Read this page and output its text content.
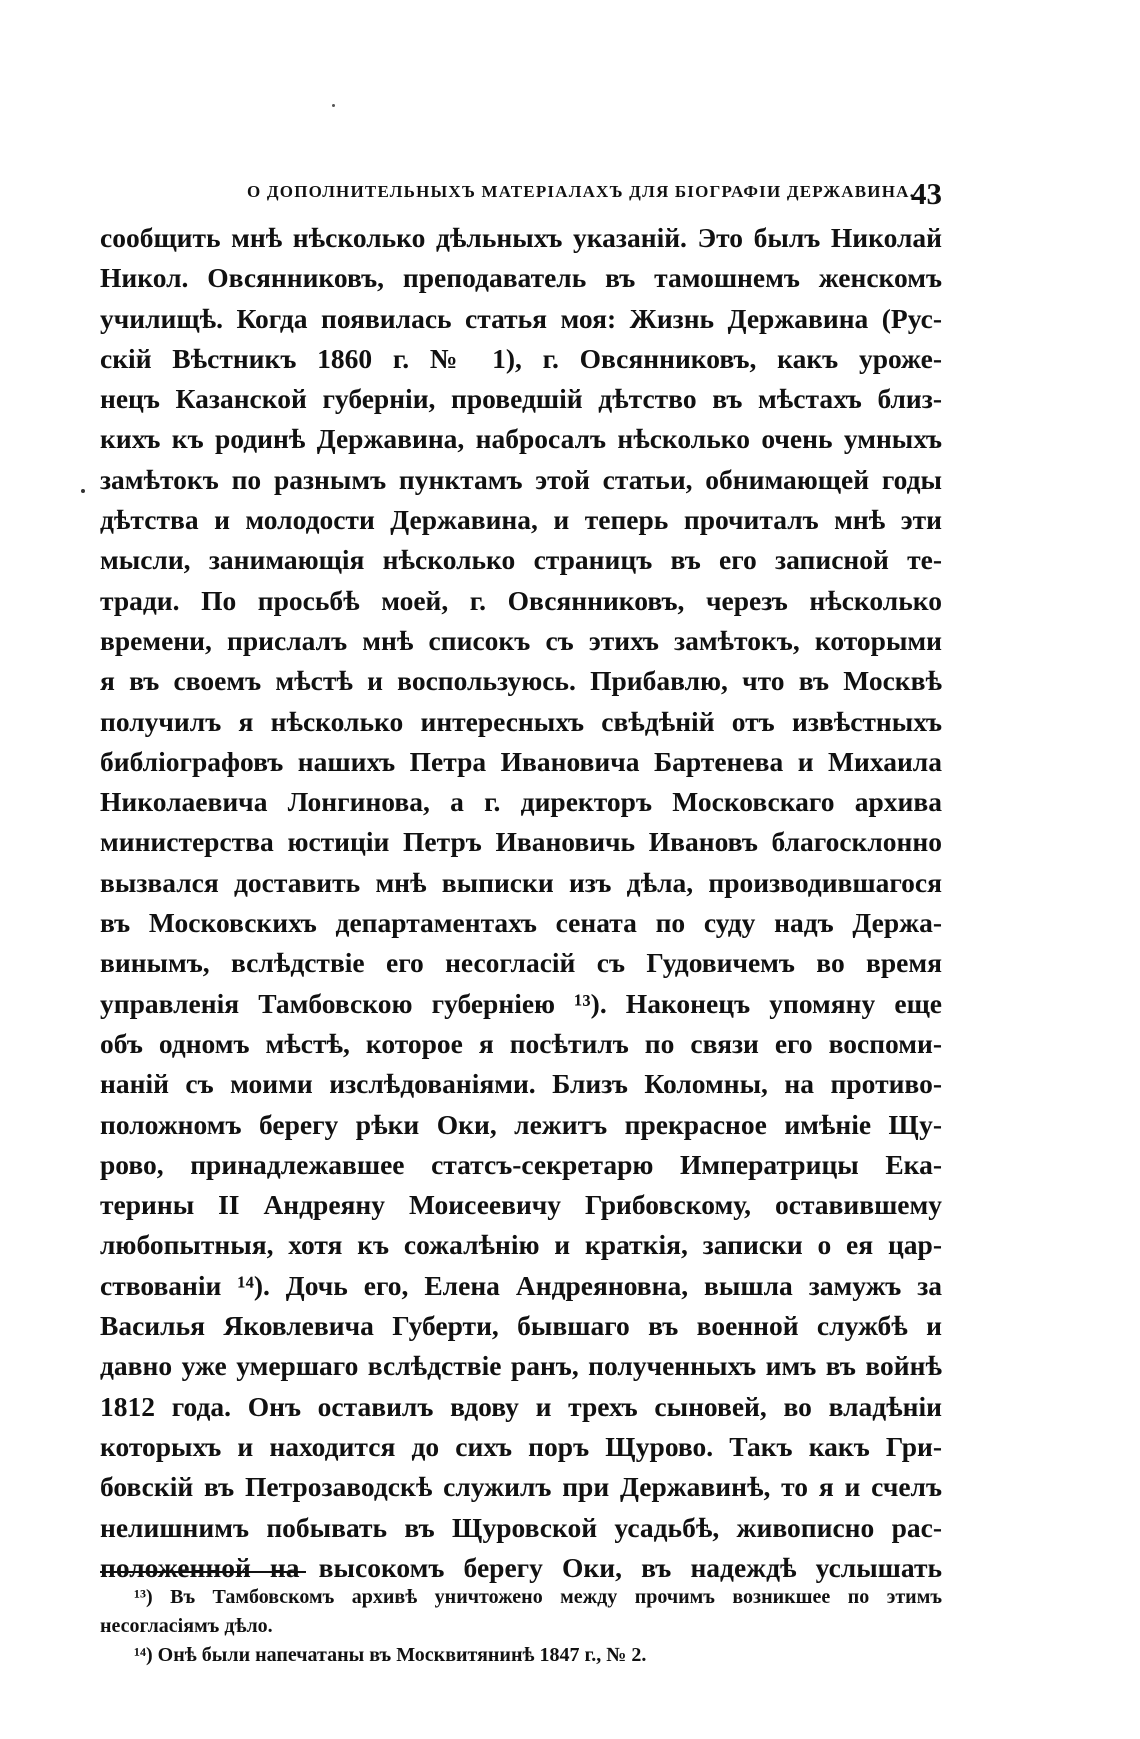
О ДОПОЛНИТЕЛЬНЫХЪ МАТЕРІАЛАХЪ ДЛЯ БІОГРАФІИ ДЕРЖАВИНА.
43
сообщить мнѣ нѣсколько дѣльныхъ указаній. Это былъ Николай
Никол. Овсянниковъ, преподаватель въ тамошнемъ женскомъ
училищѣ. Когда появилась статья моя: Жизнь Державина (Рус-
скій Вѣстникъ 1860 г. № 1), г. Овсянниковъ, какъ уроже-
нецъ Казанской губерніи, проведшій дѣтство въ мѣстахъ близ-
кихъ къ родинѣ Державина, набросалъ нѣсколько очень умныхъ
замѣтокъ по разнымъ пунктамъ этой статьи, обнимающей годы
дѣтства и молодости Державина, и теперь прочиталъ мнѣ эти
мысли, занимающія нѣсколько страницъ въ его записной те-
тради. По просьбѣ моей, г. Овсянниковъ, черезъ нѣсколько
времени, прислалъ мнѣ списокъ съ этихъ замѣтокъ, которыми
я въ своемъ мѣстѣ и воспользуюсь. Прибавлю, что въ Москвѣ
получилъ я нѣсколько интересныхъ свѣдѣній отъ извѣстныхъ
библіографовъ нашихъ Петра Ивановича Бартенева и Михаила
Николаевича Лонгинова, а г. директоръ Московскаго архива
министерства юстиціи Петръ Ивановичь Ивановъ благосклонно
вызвался доставить мнѣ выписки изъ дѣла, производившагося
въ Московскихъ департаментахъ сената по суду надъ Держа-
винымъ, вслѣдствіе его несогласій съ Гудовичемъ во время
управленія Тамбовскою губерніею ¹³). Наконецъ упомяну еще
объ одномъ мѣстѣ, которое я посѣтилъ по связи его воспоми-
наній съ моими изслѣдованіями. Близъ Коломны, на противо-
положномъ берегу рѣки Оки, лежитъ прекрасное имѣніе Щу-
рово, принадлежавшее статсъ-секретарю Императрицы Ека-
терины II Андреяну Моисеевичу Грибовскому, оставившему
любопытныя, хотя къ сожалѣнію и краткія, записки о ея цар-
ствованіи ¹⁴). Дочь его, Елена Андреяновна, вышла замужъ за
Василья Яковлевича Губерти, бывшаго въ военной службѣ и
давно уже умершаго вслѣдствіе ранъ, полученныхъ имъ въ войнѣ
1812 года. Онъ оставилъ вдову и трехъ сыновей, во владѣніи
которыхъ и находится до сихъ поръ Щурово. Такъ какъ Гри-
бовскій въ Петрозаводскѣ служилъ при Державинѣ, то я и счелъ
нелишнимъ побывать въ Щуровской усадьбѣ, живописно рас-
положенной на высокомъ берегу Оки, въ надеждѣ услышать
¹³) Въ Тамбовскомъ архивѣ уничтожено между прочимъ возникшее по этимъ
несогласіямъ дѣло.
¹⁴) Онѣ были напечатаны въ Москвитянинѣ 1847 г., № 2.
